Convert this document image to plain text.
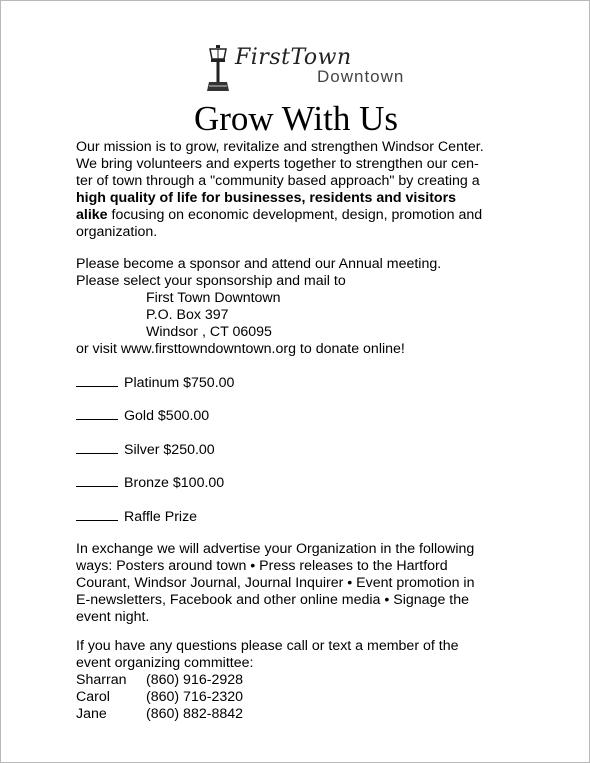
FirstTown
Downtown
Grow With Us
Our mission is to grow, revitalize and strengthen Windsor Center.
We bring volunteers and experts together to strengthen our cen-
ter of town through a "community based approach" by creating a
high quality of life for businesses, residents and visitors
alike focusing on economic development, design, promotion and
organization.
Please become a sponsor and attend our Annual meeting.
Please select your sponsorship and mail to
First Town Downtown
P.O. Box 397
Windsor , CT 06095
or visit www.firsttowndowntown.org to donate online!
Platinum $750.00
Gold $500.00
Silver $250.00
Bronze $100.00
Raffle Prize
In exchange we will advertise your Organization in the following
ways: Posters around town • Press releases to the Hartford
Courant, Windsor Journal, Journal Inquirer • Event promotion in
E-newsletters, Facebook and other online media • Signage the
event night.
If you have any questions please call or text a member of the
event organizing committee:
Sharran	(860) 916-2928
Carol	(860) 716-2320
Jane	(860) 882-8842
